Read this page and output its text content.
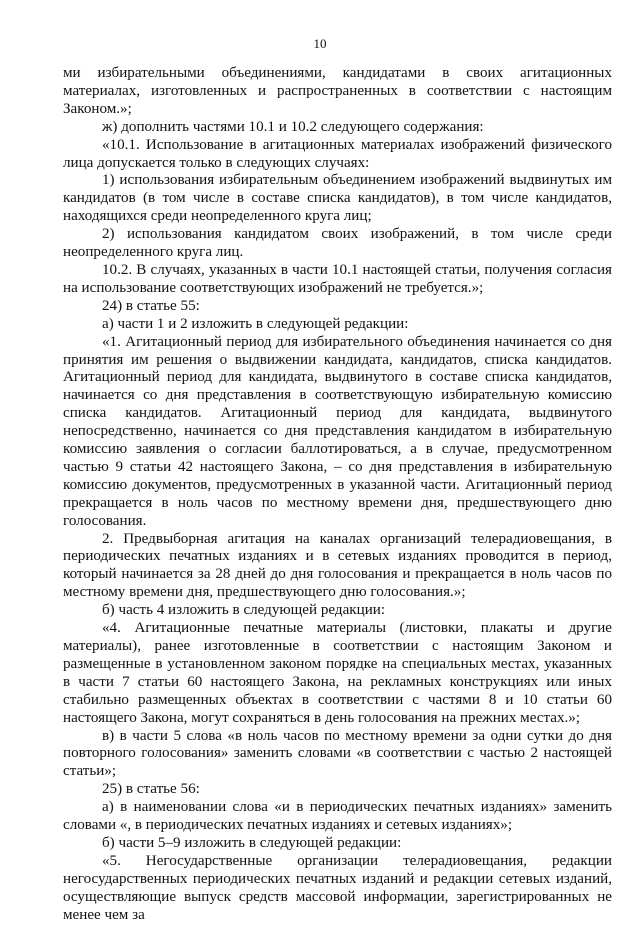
10

ми избирательными объединениями, кандидатами в своих агитационных материалах, изготовленных и распространенных в соответствии с настоящим Законом.»;

ж) дополнить частями 10.1 и 10.2 следующего содержания:

«10.1. Использование в агитационных материалах изображений физического лица допускается только в следующих случаях:

1) использования избирательным объединением изображений выдвинутых им кандидатов (в том числе в составе списка кандидатов), в том числе кандидатов, находящихся среди неопределенного круга лиц;

2) использования кандидатом своих изображений, в том числе среди неопределенного круга лиц.

10.2. В случаях, указанных в части 10.1 настоящей статьи, получения согласия на использование соответствующих изображений не требуется.»;

24) в статье 55:

а) части 1 и 2 изложить в следующей редакции:

«1. Агитационный период для избирательного объединения начинается со дня принятия им решения о выдвижении кандидата, кандидатов, списка кандидатов. Агитационный период для кандидата, выдвинутого в составе списка кандидатов, начинается со дня представления в соответствующую избирательную комиссию списка кандидатов. Агитационный период для кандидата, выдвинутого непосредственно, начинается со дня представления кандидатом в избирательную комиссию заявления о согласии баллотироваться, а в случае, предусмотренном частью 9 статьи 42 настоящего Закона, – со дня представления в избирательную комиссию документов, предусмотренных в указанной части. Агитационный период прекращается в ноль часов по местному времени дня, предшествующего дню голосования.

2. Предвыборная агитация на каналах организаций телерадиовещания, в периодических печатных изданиях и в сетевых изданиях проводится в период, который начинается за 28 дней до дня голосования и прекращается в ноль часов по местному времени дня, предшествующего дню голосования.»;

б) часть 4 изложить в следующей редакции:

«4. Агитационные печатные материалы (листовки, плакаты и другие материалы), ранее изготовленные в соответствии с настоящим Законом и размещенные в установленном законом порядке на специальных местах, указанных в части 7 статьи 60 настоящего Закона, на рекламных конструкциях или иных стабильно размещенных объектах в соответствии с частями 8 и 10 статьи 60 настоящего Закона, могут сохраняться в день голосования на прежних местах.»;

в) в части 5 слова «в ноль часов по местному времени за одни сутки до дня повторного голосования» заменить словами «в соответствии с частью 2 настоящей статьи»;

25) в статье 56:

а) в наименовании слова «и в периодических печатных изданиях» заменить словами «, в периодических печатных изданиях и сетевых изданиях»;

б) части 5–9 изложить в следующей редакции:

«5. Негосударственные организации телерадиовещания, редакции негосударственных периодических печатных изданий и редакции сетевых изданий, осуществляющие выпуск средств массовой информации, зарегистрированных не менее чем за
